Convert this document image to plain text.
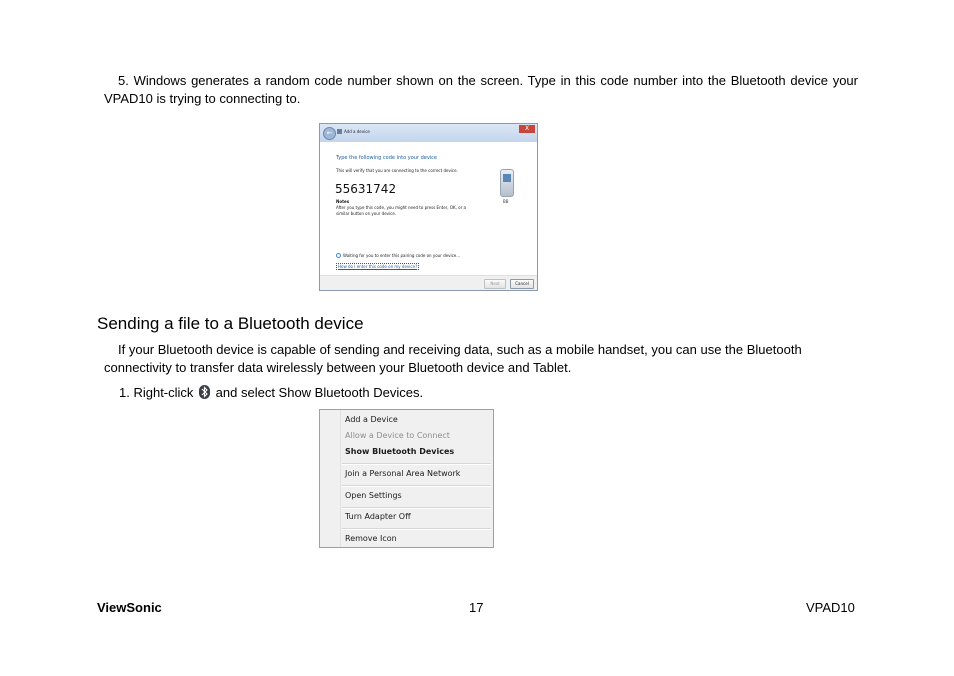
5. Windows generates a random code number shown on the screen. Type in this code number into the Bluetooth device your VPAD10 is trying to connecting to.
←	Add a device	X
Type the following code into your device
This will verify that you are connecting to the correct device.
55631742
Notes
After you type this code, you might need to press Enter, OK, or a similar button on your device.
BB
Waiting for you to enter this pairing code on your device...
How do I enter this code on my device?
Next	Cancel
Sending a file to a Bluetooth device
If your Bluetooth device is capable of sending and receiving data, such as a mobile handset, you can use the Bluetooth connectivity to transfer data wirelessly between your Bluetooth device and Tablet.
1. Right-click and select Show Bluetooth Devices.
Add a Device
Allow a Device to Connect
Show Bluetooth Devices
Join a Personal Area Network
Open Settings
Turn Adapter Off
Remove Icon
ViewSonic	17	VPAD10
